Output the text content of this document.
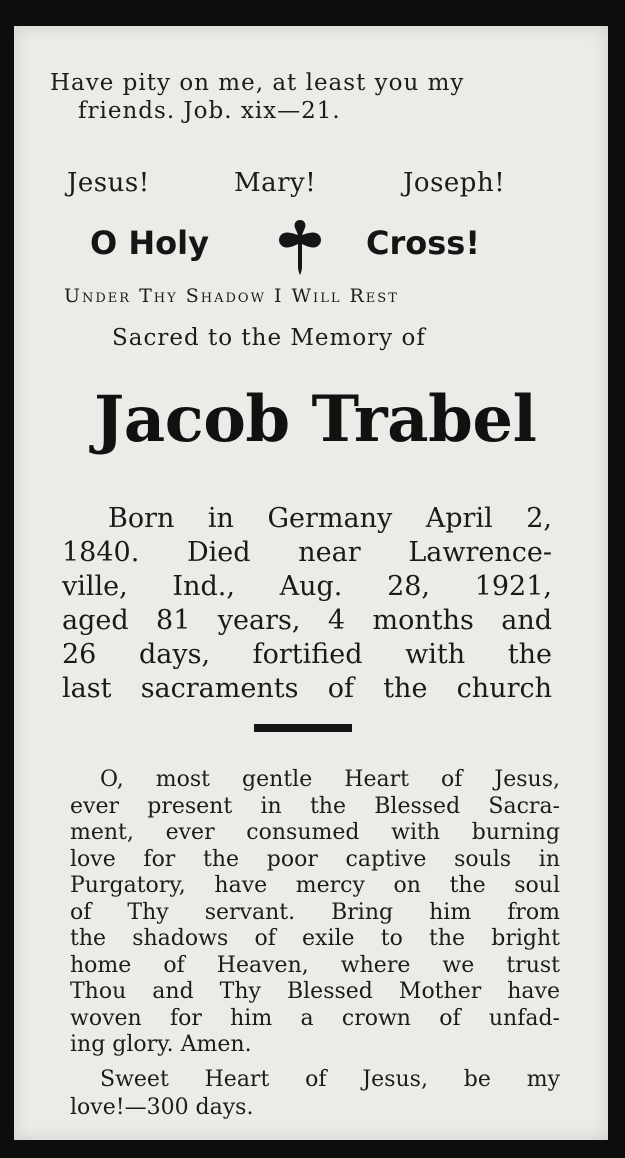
Have pity on me, at least you my
friends. Job. xix—21.
Jesus!	Mary!	Joseph!
O Holy	Cross!
Under Thy Shadow I Will Rest
Sacred to the Memory of
Jacob Trabel
Born in Germany April 2,
1840. Died near Lawrence-
ville, Ind., Aug. 28, 1921,
aged 81 years, 4 months and
26 days, fortified with the
last sacraments of the church
O, most gentle Heart of Jesus,
ever present in the Blessed Sacra-
ment, ever consumed with burning
love for the poor captive souls in
Purgatory, have mercy on the soul
of Thy servant. Bring him from
the shadows of exile to the bright
home of Heaven, where we trust
Thou and Thy Blessed Mother have
woven for him a crown of unfad-
ing glory. Amen.
Sweet Heart of Jesus, be my
love!—300 days.
